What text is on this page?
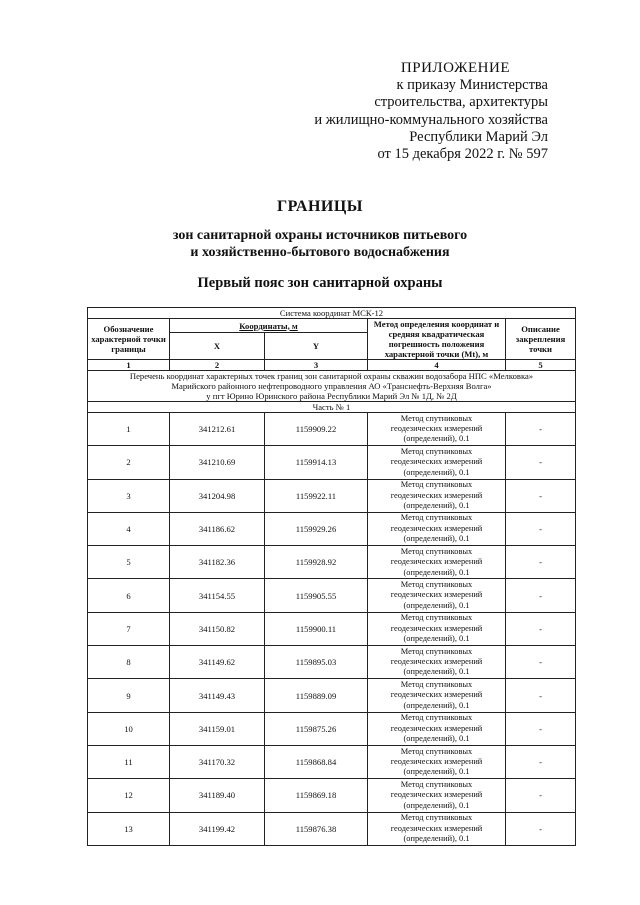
ПРИЛОЖЕНИЕ
к приказу Министерства
строительства, архитектуры
и жилищно-коммунального хозяйства
Республики Марий Эл
от 15 декабря 2022 г. № 597
ГРАНИЦЫ
зон санитарной охраны источников питьевого
и хозяйственно-бытового водоснабжения
Первый пояс зон санитарной охраны
Система координат МСК-12				
Обозначение характерной точки границы	Координаты, м		Метод определения координат и средняя квадратическая погрешность положения характерной точки (Mt), м	Описание закрепления точки
	X	Y		
1	2	3	4	5

Перечень координат характерных точек границ зон санитарной охраны скважин водозабора НПС «Мелковка»
Марийского районного нефтепроводного управления АО «Транснефть-Верхняя Волга»
у пгт Юрино Юринского района Республики Марий Эл № 1Д, № 2Д				

Часть № 1				
1	341212.61	1159909.22	Метод спутниковых
геодезических измерений
(определений), 0.1	-
2	341210.69	1159914.13	Метод спутниковых
геодезических измерений
(определений), 0.1	-
3	341204.98	1159922.11	Метод спутниковых
геодезических измерений
(определений), 0.1	-
4	341186.62	1159929.26	Метод спутниковых
геодезических измерений
(определений), 0.1	-
5	341182.36	1159928.92	Метод спутниковых
геодезических измерений
(определений), 0.1	-
6	341154.55	1159905.55	Метод спутниковых
геодезических измерений
(определений), 0.1	-
7	341150.82	1159900.11	Метод спутниковых
геодезических измерений
(определений), 0.1	-
8	341149.62	1159895.03	Метод спутниковых
геодезических измерений
(определений), 0.1	-
9	341149.43	1159889.09	Метод спутниковых
геодезических измерений
(определений), 0.1	-
10	341159.01	1159875.26	Метод спутниковых
геодезических измерений
(определений), 0.1	-
11	341170.32	1159868.84	Метод спутниковых
геодезических измерений
(определений), 0.1	-
12	341189.40	1159869.18	Метод спутниковых
геодезических измерений
(определений), 0.1	-
13	341199.42	1159876.38	Метод спутниковых
геодезических измерений
(определений), 0.1	-
